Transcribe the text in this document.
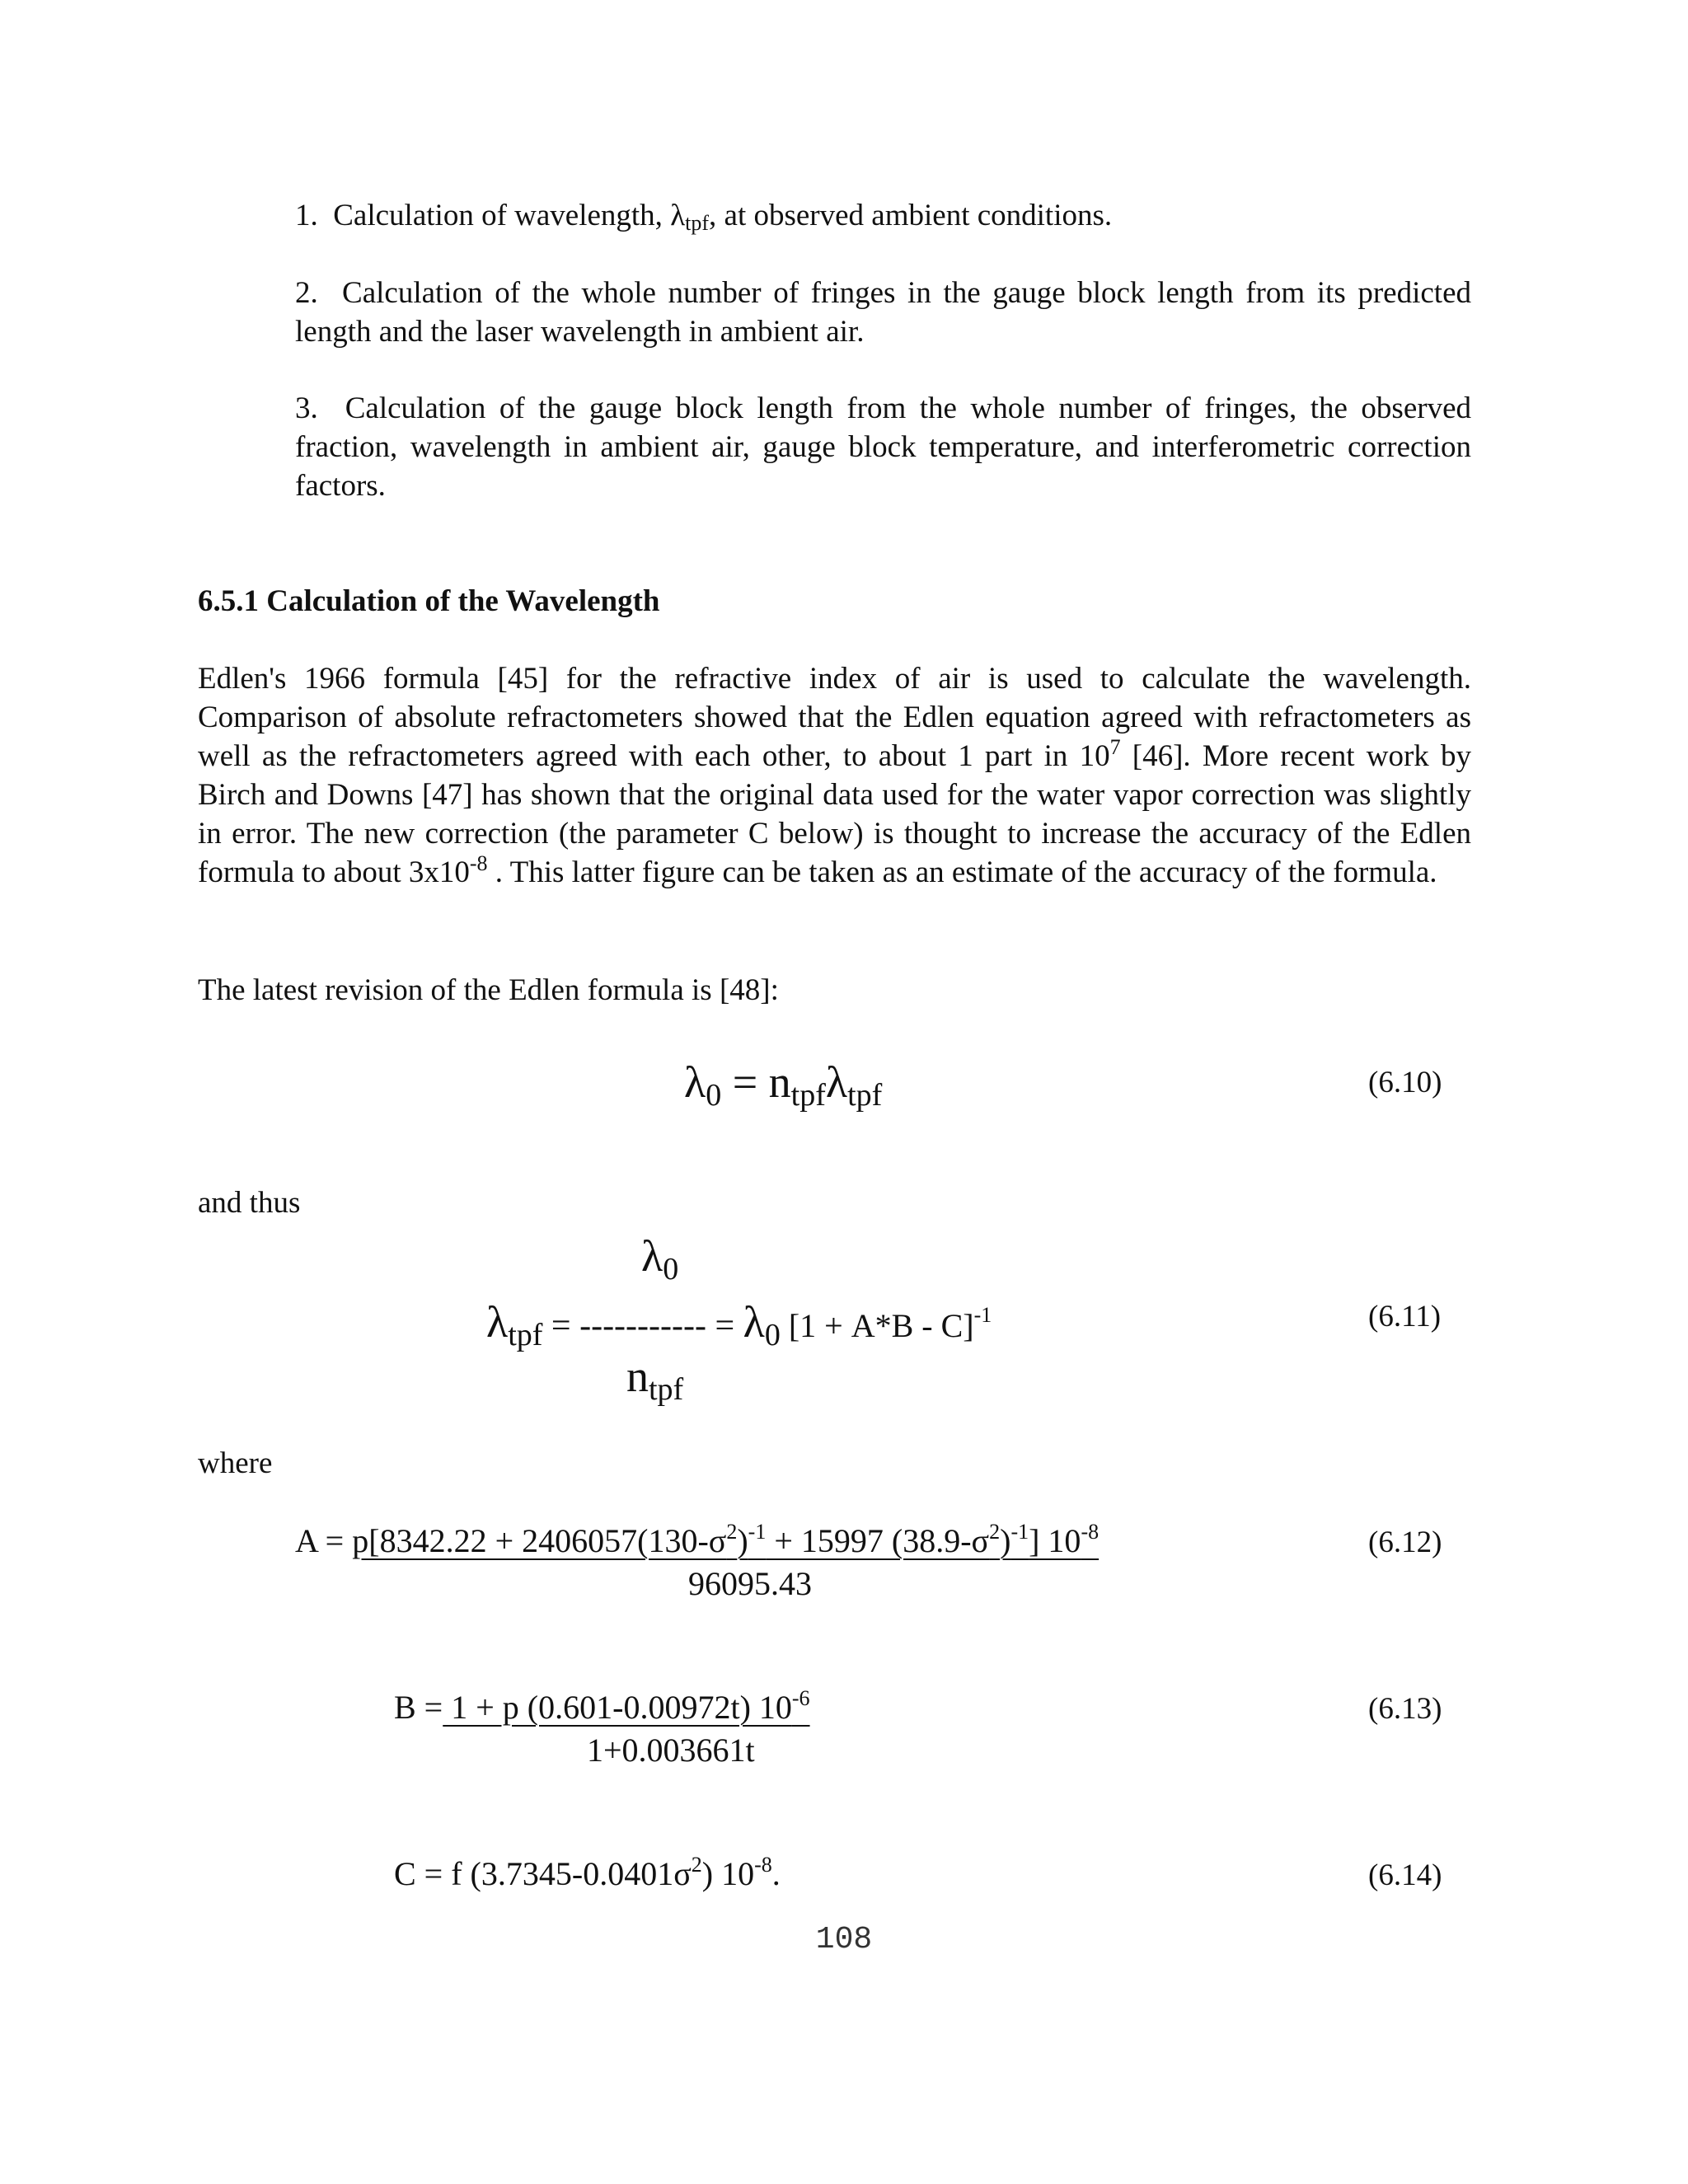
1. Calculation of wavelength, $\lambda_{tpf}$, at observed ambient conditions.

2. Calculation of the whole number of fringes in the gauge block length from its predicted length and the laser wavelength in ambient air.

3. Calculation of the gauge block length from the whole number of fringes, the observed fraction, wavelength in ambient air, gauge block temperature, and interferometric correction factors.

6.5.1 Calculation of the Wavelength

Edlen's 1966 formula [45] for the refractive index of air is used to calculate the wavelength. Comparison of absolute refractometers showed that the Edlen equation agreed with refractometers as well as the refractometers agreed with each other, to about 1 part in $10^7$ [46]. More recent work by Birch and Downs [47] has shown that the original data used for the water vapor correction was slightly in error. The new correction (the parameter C below) is thought to increase the accuracy of the Edlen formula to about $3x10^{-8}$ . This latter figure can be taken as an estimate of the accuracy of the formula.

The latest revision of the Edlen formula is [48]:

$\lambda_0 = n_{tpf}\lambda_{tpf}$	(6.10)
and thus
$\lambda_0$
$\lambda_{tpf}$ = ----------- = $\lambda_0$ $[1 + A*B - C]^{-1}$
$n_{tpf}$
(6.11)
where
$A = p[8342.22 + 2406057(130-\sigma^2)^{-1} + 15997$ $(38.9-\sigma^2)^{-1}$] $10^{-8}$
96095.43
(6.12)
B = 1 + p (0.601-0.00972t) $10^{-6}$
1+0.003661t
(6.13)
C = f $(3.7345-0.0401\sigma^2)$ $10^{-8}$.	(6.14)
108
